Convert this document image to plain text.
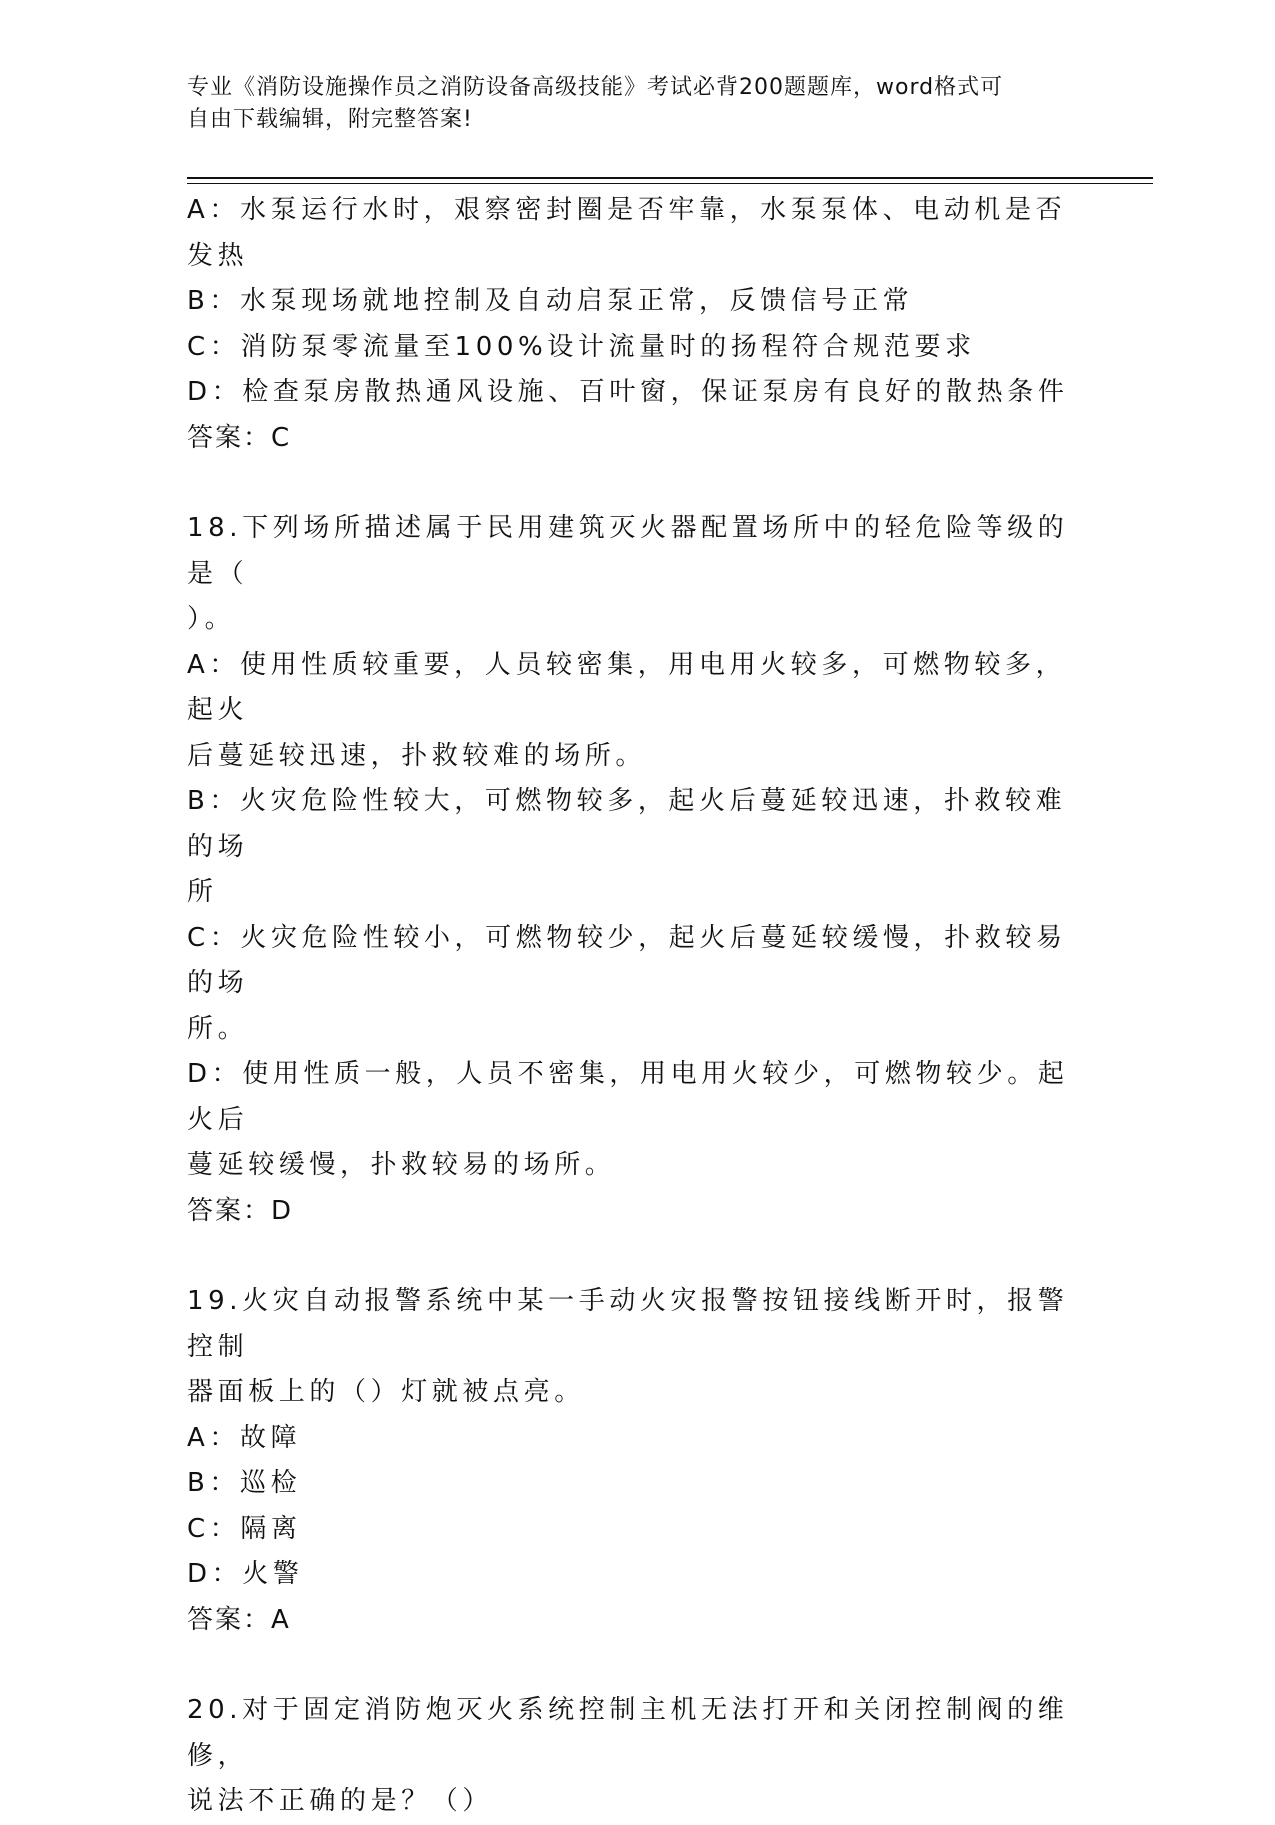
专业《消防设施操作员之消防设备高级技能》考试必背200题题库，word格式可
自由下载编辑，附完整答案!

A：水泵运行水时，艰察密封圈是否牢靠，水泵泵体、电动机是否发热

B：水泵现场就地控制及自动启泵正常，反馈信号正常

C：消防泵零流量至100%设计流量时的扬程符合规范要求

D：检查泵房散热通风设施、百叶窗，保证泵房有良好的散热条件

答案：C

18.下列场所描述属于民用建筑灭火器配置场所中的轻危险等级的是（

）。

A：使用性质较重要，人员较密集，用电用火较多，可燃物较多，起火

后蔓延较迅速，扑救较难的场所。

B：火灾危险性较大，可燃物较多，起火后蔓延较迅速，扑救较难的场

所

C：火灾危险性较小，可燃物较少，起火后蔓延较缓慢，扑救较易的场

所。

D：使用性质一般，人员不密集，用电用火较少，可燃物较少。起火后

蔓延较缓慢，扑救较易的场所。

答案：D

19.火灾自动报警系统中某一手动火灾报警按钮接线断开时，报警控制

器面板上的（）灯就被点亮。

A：故障

B：巡检

C：隔离

D：火警

答案：A

20.对于固定消防炮灭火系统控制主机无法打开和关闭控制阀的维修，

说法不正确的是？（）
